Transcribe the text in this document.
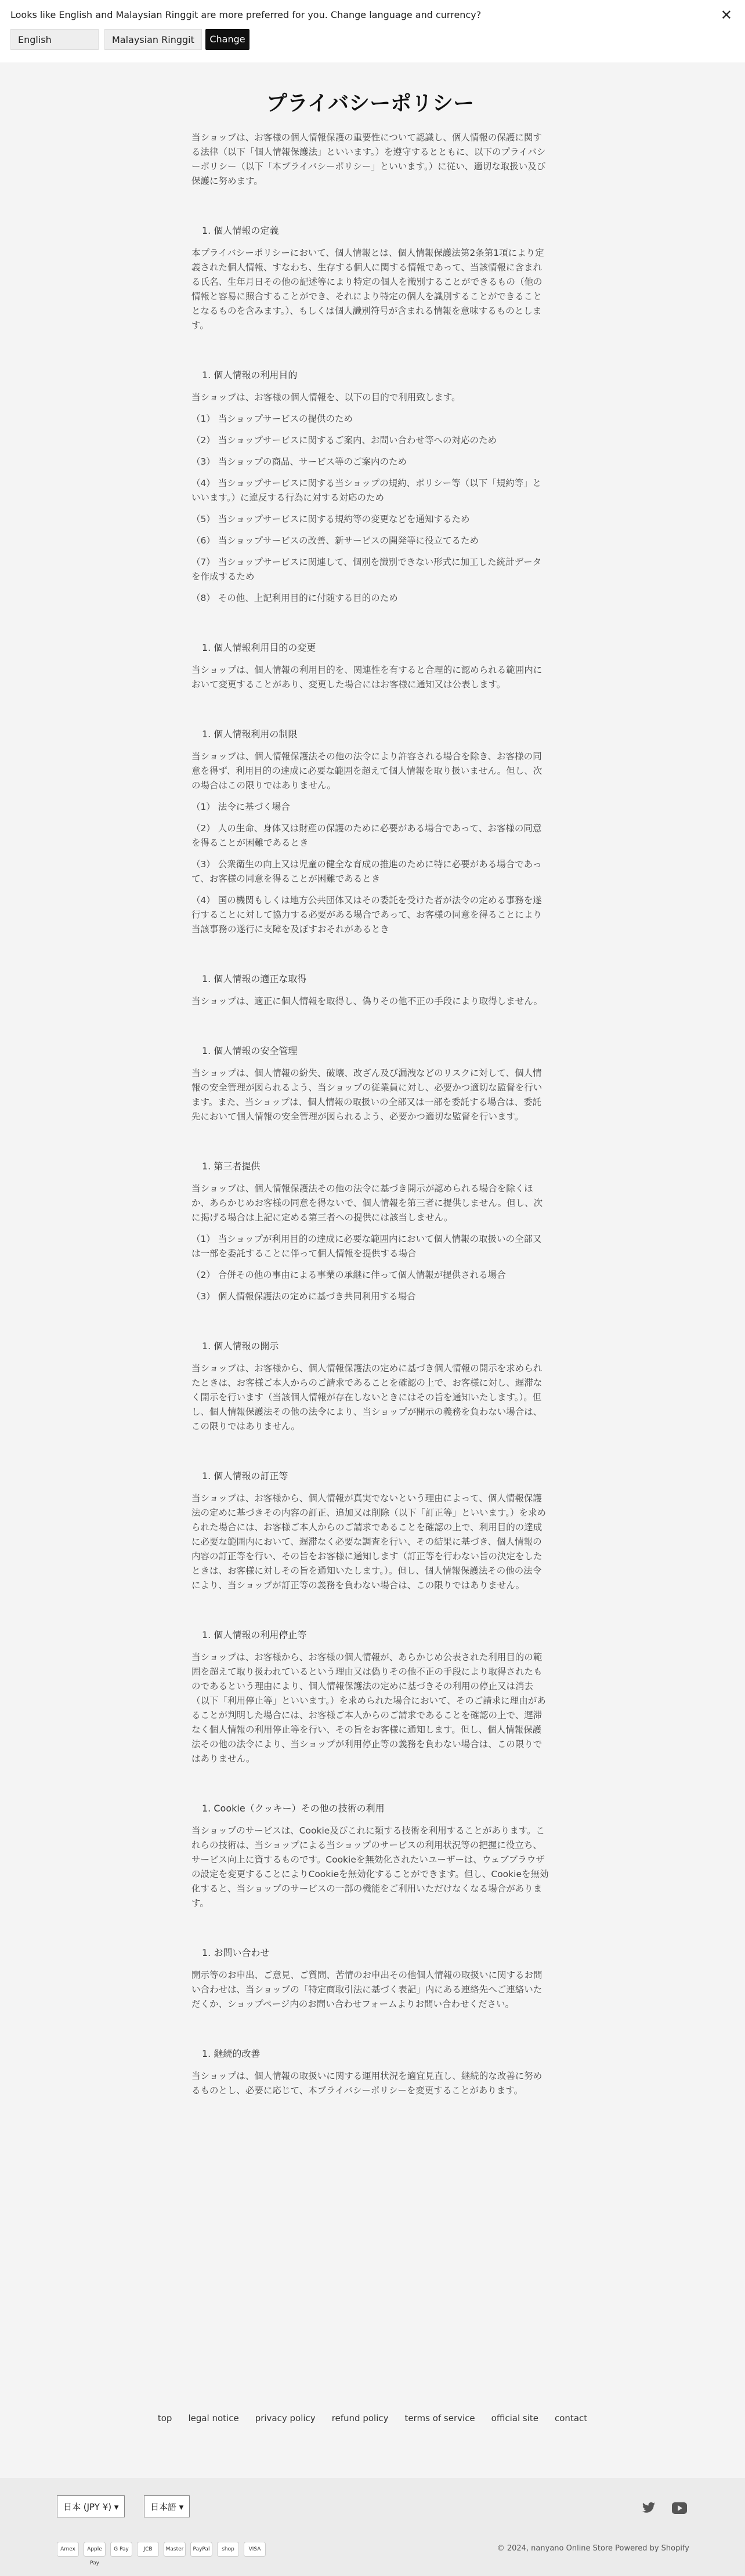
Looks like English and Malaysian Ringgit are more preferred for you. Change language and currency?	✕
English	Malaysian Ringgit	Change
プライバシーポリシー

当ショップは、お客様の個人情報保護の重要性について認識し、個人情報の保護に関する法律（以下「個人情報保護法」といいます。）を遵守するとともに、以下のプライバシーポリシー（以下「本プライバシーポリシー」といいます。）に従い、適切な取扱い及び保護に努めます。

1. 個人情報の定義

本プライバシーポリシーにおいて、個人情報とは、個人情報保護法第2条第1項により定義された個人情報、すなわち、生存する個人に関する情報であって、当該情報に含まれる氏名、生年月日その他の記述等により特定の個人を識別することができるもの（他の情報と容易に照合することができ、それにより特定の個人を識別することができることとなるものを含みます。）、もしくは個人識別符号が含まれる情報を意味するものとします。

1. 個人情報の利用目的

当ショップは、お客様の個人情報を、以下の目的で利用致します。

（1） 当ショップサービスの提供のため

（2） 当ショップサービスに関するご案内、お問い合わせ等への対応のため

（3） 当ショップの商品、サービス等のご案内のため

（4） 当ショップサービスに関する当ショップの規約、ポリシー等（以下「規約等」といいます。）に違反する行為に対する対応のため

（5） 当ショップサービスに関する規約等の変更などを通知するため

（6） 当ショップサービスの改善、新サービスの開発等に役立てるため

（7） 当ショップサービスに関連して、個別を識別できない形式に加工した統計データを作成するため

（8） その他、上記利用目的に付随する目的のため

1. 個人情報利用目的の変更

当ショップは、個人情報の利用目的を、関連性を有すると合理的に認められる範囲内において変更することがあり、変更した場合にはお客様に通知又は公表します。

1. 個人情報利用の制限

当ショップは、個人情報保護法その他の法令により許容される場合を除き、お客様の同意を得ず、利用目的の達成に必要な範囲を超えて個人情報を取り扱いません。但し、次の場合はこの限りではありません。

（1） 法令に基づく場合

（2） 人の生命、身体又は財産の保護のために必要がある場合であって、お客様の同意を得ることが困難であるとき

（3） 公衆衛生の向上又は児童の健全な育成の推進のために特に必要がある場合であって、お客様の同意を得ることが困難であるとき

（4） 国の機関もしくは地方公共団体又はその委託を受けた者が法令の定める事務を遂行することに対して協力する必要がある場合であって、お客様の同意を得ることにより当該事務の遂行に支障を及ぼすおそれがあるとき

1. 個人情報の適正な取得

当ショップは、適正に個人情報を取得し、偽りその他不正の手段により取得しません。

1. 個人情報の安全管理

当ショップは、個人情報の紛失、破壊、改ざん及び漏洩などのリスクに対して、個人情報の安全管理が図られるよう、当ショップの従業員に対し、必要かつ適切な監督を行います。また、当ショップは、個人情報の取扱いの全部又は一部を委託する場合は、委託先において個人情報の安全管理が図られるよう、必要かつ適切な監督を行います。

1. 第三者提供

当ショップは、個人情報保護法その他の法令に基づき開示が認められる場合を除くほか、あらかじめお客様の同意を得ないで、個人情報を第三者に提供しません。但し、次に掲げる場合は上記に定める第三者への提供には該当しません。

（1） 当ショップが利用目的の達成に必要な範囲内において個人情報の取扱いの全部又は一部を委託することに伴って個人情報を提供する場合

（2） 合併その他の事由による事業の承継に伴って個人情報が提供される場合

（3） 個人情報保護法の定めに基づき共同利用する場合

1. 個人情報の開示

当ショップは、お客様から、個人情報保護法の定めに基づき個人情報の開示を求められたときは、お客様ご本人からのご請求であることを確認の上で、お客様に対し、遅滞なく開示を行います（当該個人情報が存在しないときにはその旨を通知いたします。）。但し、個人情報保護法その他の法令により、当ショップが開示の義務を負わない場合は、この限りではありません。

1. 個人情報の訂正等

当ショップは、お客様から、個人情報が真実でないという理由によって、個人情報保護法の定めに基づきその内容の訂正、追加又は削除（以下「訂正等」といいます。）を求められた場合には、お客様ご本人からのご請求であることを確認の上で、利用目的の達成に必要な範囲内において、遅滞なく必要な調査を行い、その結果に基づき、個人情報の内容の訂正等を行い、その旨をお客様に通知します（訂正等を行わない旨の決定をしたときは、お客様に対しその旨を通知いたします。）。但し、個人情報保護法その他の法令により、当ショップが訂正等の義務を負わない場合は、この限りではありません。

1. 個人情報の利用停止等

当ショップは、お客様から、お客様の個人情報が、あらかじめ公表された利用目的の範囲を超えて取り扱われているという理由又は偽りその他不正の手段により取得されたものであるという理由により、個人情報保護法の定めに基づきその利用の停止又は消去（以下「利用停止等」といいます。）を求められた場合において、そのご請求に理由があることが判明した場合には、お客様ご本人からのご請求であることを確認の上で、遅滞なく個人情報の利用停止等を行い、その旨をお客様に通知します。但し、個人情報保護法その他の法令により、当ショップが利用停止等の義務を負わない場合は、この限りではありません。

1. Cookie（クッキー）その他の技術の利用

当ショップのサービスは、Cookie及びこれに類する技術を利用することがあります。これらの技術は、当ショップによる当ショップのサービスの利用状況等の把握に役立ち、サービス向上に資するものです。Cookieを無効化されたいユーザーは、ウェブブラウザの設定を変更することによりCookieを無効化することができます。但し、Cookieを無効化すると、当ショップのサービスの一部の機能をご利用いただけなくなる場合があります。

1. お問い合わせ

開示等のお申出、ご意見、ご質問、苦情のお申出その他個人情報の取扱いに関するお問い合わせは、当ショップの「特定商取引法に基づく表記」内にある連絡先へご連絡いただくか、ショップページ内のお問い合わせフォームよりお問い合わせください。

1. 継続的改善

当ショップは、個人情報の取扱いに関する運用状況を適宜見直し、継続的な改善に努めるものとし、必要に応じて、本プライバシーポリシーを変更することがあります。

top legal notice privacy policy refund policy terms of service official site contact
日本 (JPY ¥) ▾	日本語 ▾
Amex	Apple Pay
G Pay	JCB	Master	PayPal	shop	VISA	© 2024, nanyano Online Store Powered by Shopify
